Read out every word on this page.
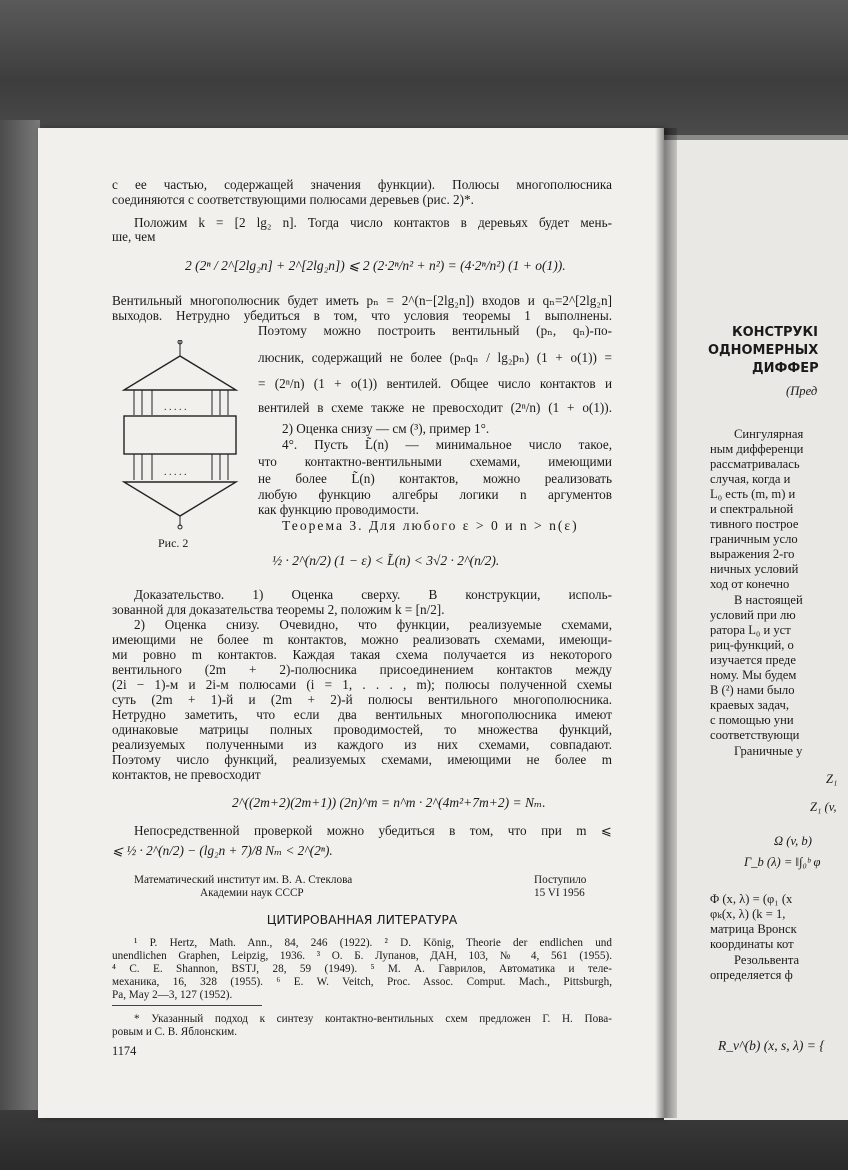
с ее частью, содержащей значения функции). Полюсы многополюсника
соединяются с соответствующими полюсами деревьев (рис. 2)*.
Положим k = [2 lg₂ n]. Тогда число контактов в деревьях будет мень-
ше, чем
2 (2ⁿ / 2^[2lg₂n] + 2^[2lg₂n]) ⩽ 2 (2·2ⁿ/n² + n²) = (4·2ⁿ/n²) (1 + o(1)).
Вентильный многополюсник будет иметь pₙ = 2^(n−[2lg₂n]) входов и qₙ=2^[2lg₂n]
выходов. Нетрудно убедиться в том, что условия теоремы 1 выполнены.
. . . . .
. . . . .
Рис. 2
Поэтому можно построить вентильный (pₙ, qₙ)-по-
люсник, содержащий не более (pₙqₙ / lg₂pₙ) (1 + o(1)) =
= (2ⁿ/n) (1 + o(1)) вентилей. Общее число контактов и
вентилей в схеме также не превосходит (2ⁿ/n) (1 + o(1)).
2) Оценка снизу — см (³), пример 1°.
4°. Пусть L̃(n) — минимальное число такое,
что контактно-вентильными схемами, имеющими
не более L̃(n) контактов, можно реализовать
любую функцию алгебры логики n аргументов
как функцию проводимости.
Теорема 3. Для любого ε > 0 и n > n(ε)
½ · 2^(n/2) (1 − ε) < L̃(n) < 3√2 · 2^(n/2).
Доказательство. 1) Оценка сверху. В конструкции, исполь-
зованной для доказательства теоремы 2, положим k = [n/2].
2) Оценка снизу. Очевидно, что функции, реализуемые схемами,
имеющими не более m контактов, можно реализовать схемами, имеющи-
ми ровно m контактов. Каждая такая схема получается из некоторого
вентильного (2m + 2)-полюсника присоединением контактов между
(2i − 1)-м и 2i-м полюсами (i = 1, . . . , m); полюсы полученной схемы
суть (2m + 1)-й и (2m + 2)-й полюсы вентильного многополюсника.
Нетрудно заметить, что если два вентильных многополюсника имеют
одинаковые матрицы полных проводимостей, то множества функций,
реализуемых полученными из каждого из них схемами, совпадают.
Поэтому число функций, реализуемых схемами, имеющими не более m
контактов, не превосходит
2^((2m+2)(2m+1)) (2n)^m = n^m · 2^(4m²+7m+2) = Nₘ.
Непосредственной проверкой можно убедиться в том, что при m ⩽
⩽ ½ · 2^(n/2) − (lg₂n + 7)/8 Nₘ < 2^(2ⁿ).
Математический институт им. В. А. Стеклова
Академии наук СССР
Поступило
15 VI 1956
ЦИТИРОВАННАЯ ЛИТЕРАТУРА
¹ P. Hertz, Math. Ann., 84, 246 (1922). ² D. König, Theorie der endlichen und
unendlichen Graphen, Leipzig, 1936. ³ О. Б. Лупанов, ДАН, 103, № 4, 561 (1955).
⁴ C. E. Shannon, BSTJ, 28, 59 (1949). ⁵ М. А. Гаврилов, Автоматика и теле-
механика, 16, 328 (1955). ⁶ E. W. Veitch, Proc. Assoc. Comput. Mach., Pittsburgh,
Pa, May 2—3, 127 (1952).
* Указанный подход к синтезу контактно-вентильных схем предложен Г. Н. Пова-
ровым и С. В. Яблонским.
1174
КОНСТРУКІ
ОДНОМЕРНЫХ
ДИФФЕР
(Пред
Сингулярная
ным дифференци
рассматривалась
случая, когда и
L₀ есть (m, m) и
и спектральной
тивного построе
граничным усло
выражения 2-го
ничных условий
ход от конечно
В настоящей
условий при лю
ратора L₀ и уст
риц-функций, о
изучается преде
ному. Мы будем
В (²) нами было
краевых задач,
с помощью уни
соответствующи
Граничные у
Z₁
Z₁ (v,
Ω (v, b)
Γ_b (λ) = ‖∫₀ᵇ φ
Φ (x, λ) = (φ₁ (x
φₖ(x, λ) (k = 1,
матрица Вронск
координаты кот
Резольвента
определяется ф
R_v^(b) (x, s, λ) = {
